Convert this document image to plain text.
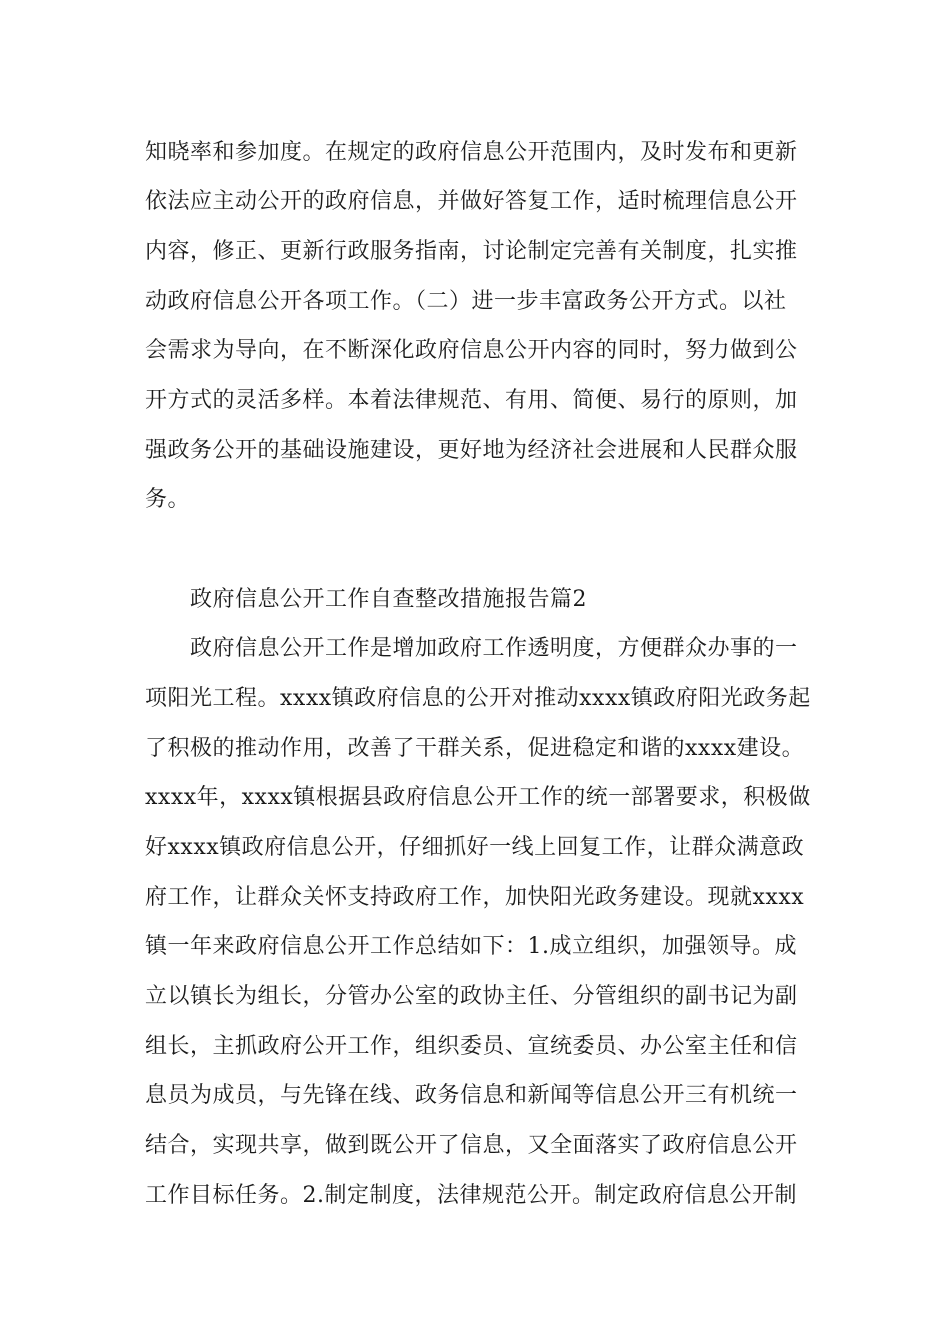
知晓率和参加度。在规定的政府信息公开范围内，及时发布和更新
依法应主动公开的政府信息，并做好答复工作，适时梳理信息公开
内容，修正、更新行政服务指南，讨论制定完善有关制度，扎实推
动政府信息公开各项工作。（二）进一步丰富政务公开方式。以社
会需求为导向，在不断深化政府信息公开内容的同时，努力做到公
开方式的灵活多样。本着法律规范、有用、简便、易行的原则，加
强政务公开的基础设施建设，更好地为经济社会进展和人民群众服
务。
政府信息公开工作自查整改措施报告篇2
政府信息公开工作是增加政府工作透明度，方便群众办事的一
项阳光工程。xxxx镇政府信息的公开对推动xxxx镇政府阳光政务起
了积极的推动作用，改善了干群关系，促进稳定和谐的xxxx建设。
xxxx年，xxxx镇根据县政府信息公开工作的统一部署要求，积极做
好xxxx镇政府信息公开，仔细抓好一线上回复工作，让群众满意政
府工作，让群众关怀支持政府工作，加快阳光政务建设。现就xxxx
镇一年来政府信息公开工作总结如下：1.成立组织，加强领导。成
立以镇长为组长，分管办公室的政协主任、分管组织的副书记为副
组长，主抓政府公开工作，组织委员、宣统委员、办公室主任和信
息员为成员，与先锋在线、政务信息和新闻等信息公开三有机统一
结合，实现共享，做到既公开了信息，又全面落实了政府信息公开
工作目标任务。2.制定制度，法律规范公开。制定政府信息公开制
